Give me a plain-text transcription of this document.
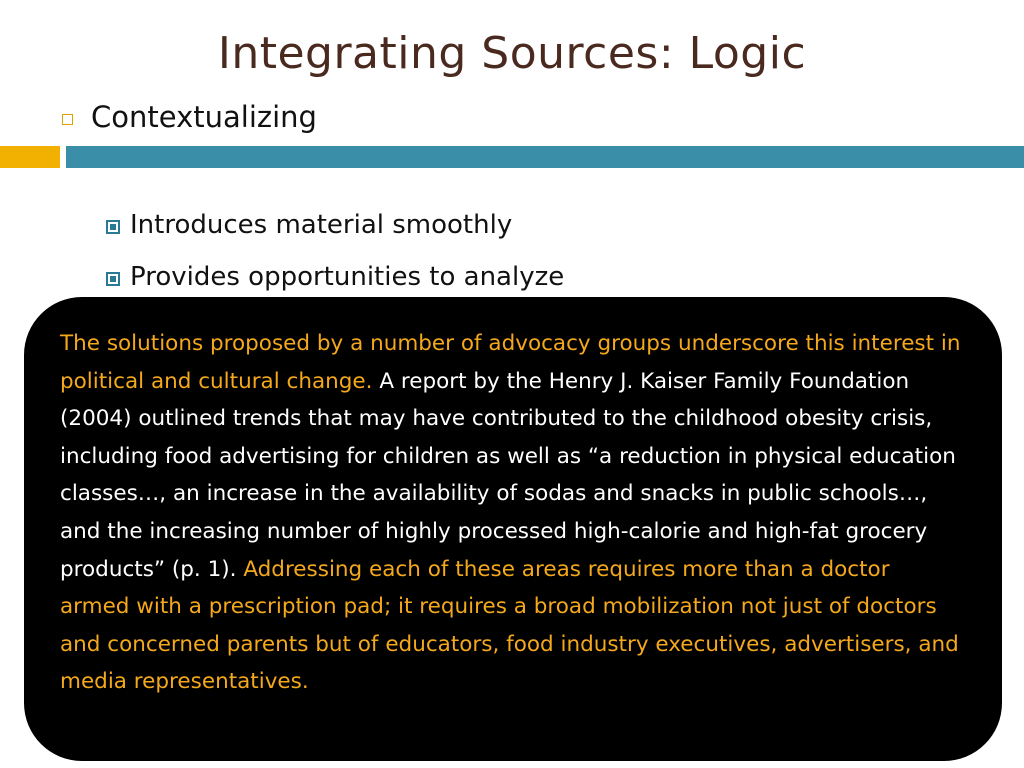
Integrating Sources: Logic
Contextualizing
Introduces material smoothly
Provides opportunities to analyze

The solutions proposed by a number of advocacy groups underscore this interest in political and cultural change. A report by the Henry J. Kaiser Family Foundation (2004) outlined trends that may have contributed to the childhood obesity crisis, including food advertising for children as well as “a reduction in physical education classes…, an increase in the availability of sodas and snacks in public schools…, and the increasing number of highly processed high-calorie and high-fat grocery products” (p. 1). Addressing each of these areas requires more than a doctor armed with a prescription pad; it requires a broad mobilization not just of doctors and concerned parents but of educators, food industry executives, advertisers, and media representatives.
